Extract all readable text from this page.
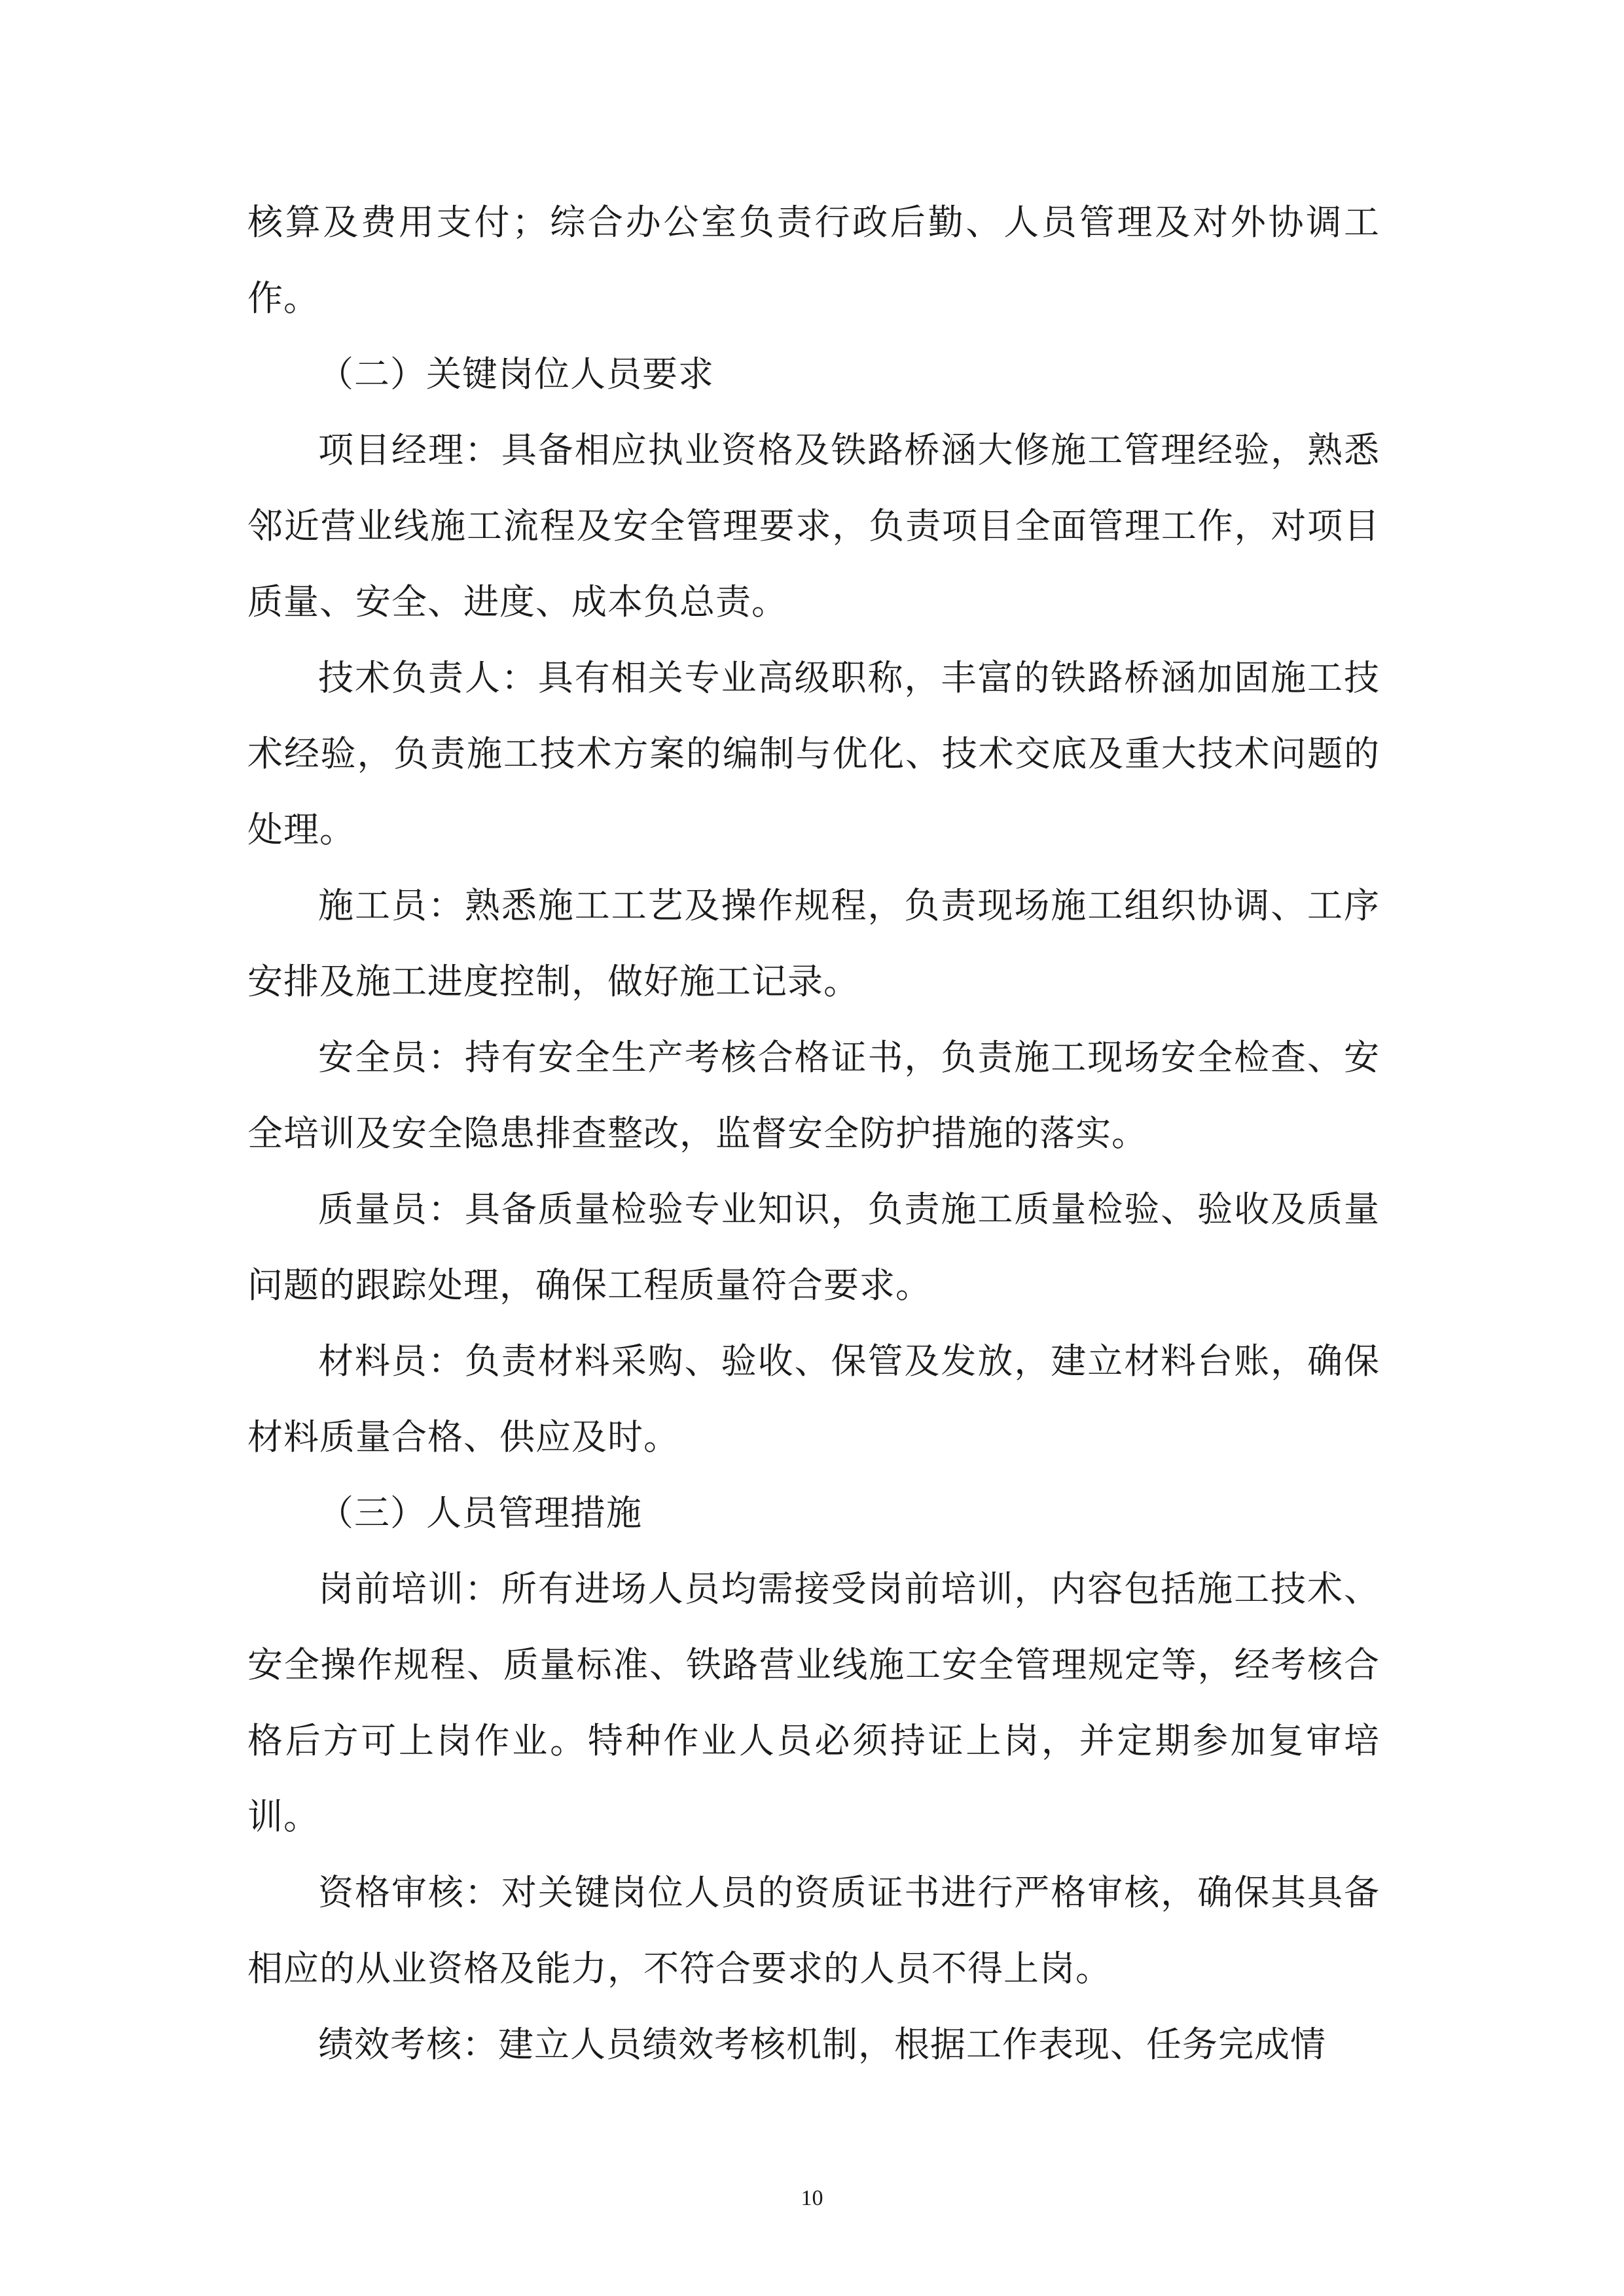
核算及费用支付；综合办公室负责行政后勤、人员管理及对外协调工作。

（二）关键岗位人员要求

项目经理：具备相应执业资格及铁路桥涵大修施工管理经验，熟悉邻近营业线施工流程及安全管理要求，负责项目全面管理工作，对项目质量、安全、进度、成本负总责。

技术负责人：具有相关专业高级职称，丰富的铁路桥涵加固施工技术经验，负责施工技术方案的编制与优化、技术交底及重大技术问题的处理。

施工员：熟悉施工工艺及操作规程，负责现场施工组织协调、工序安排及施工进度控制，做好施工记录。

安全员：持有安全生产考核合格证书，负责施工现场安全检查、安全培训及安全隐患排查整改，监督安全防护措施的落实。

质量员：具备质量检验专业知识，负责施工质量检验、验收及质量问题的跟踪处理，确保工程质量符合要求。

材料员：负责材料采购、验收、保管及发放，建立材料台账，确保材料质量合格、供应及时。

（三）人员管理措施

岗前培训：所有进场人员均需接受岗前培训，内容包括施工技术、安全操作规程、质量标准、铁路营业线施工安全管理规定等，经考核合格后方可上岗作业。特种作业人员必须持证上岗，并定期参加复审培训。

资格审核：对关键岗位人员的资质证书进行严格审核，确保其具备相应的从业资格及能力，不符合要求的人员不得上岗。

绩效考核：建立人员绩效考核机制，根据工作表现、任务完成情

10
